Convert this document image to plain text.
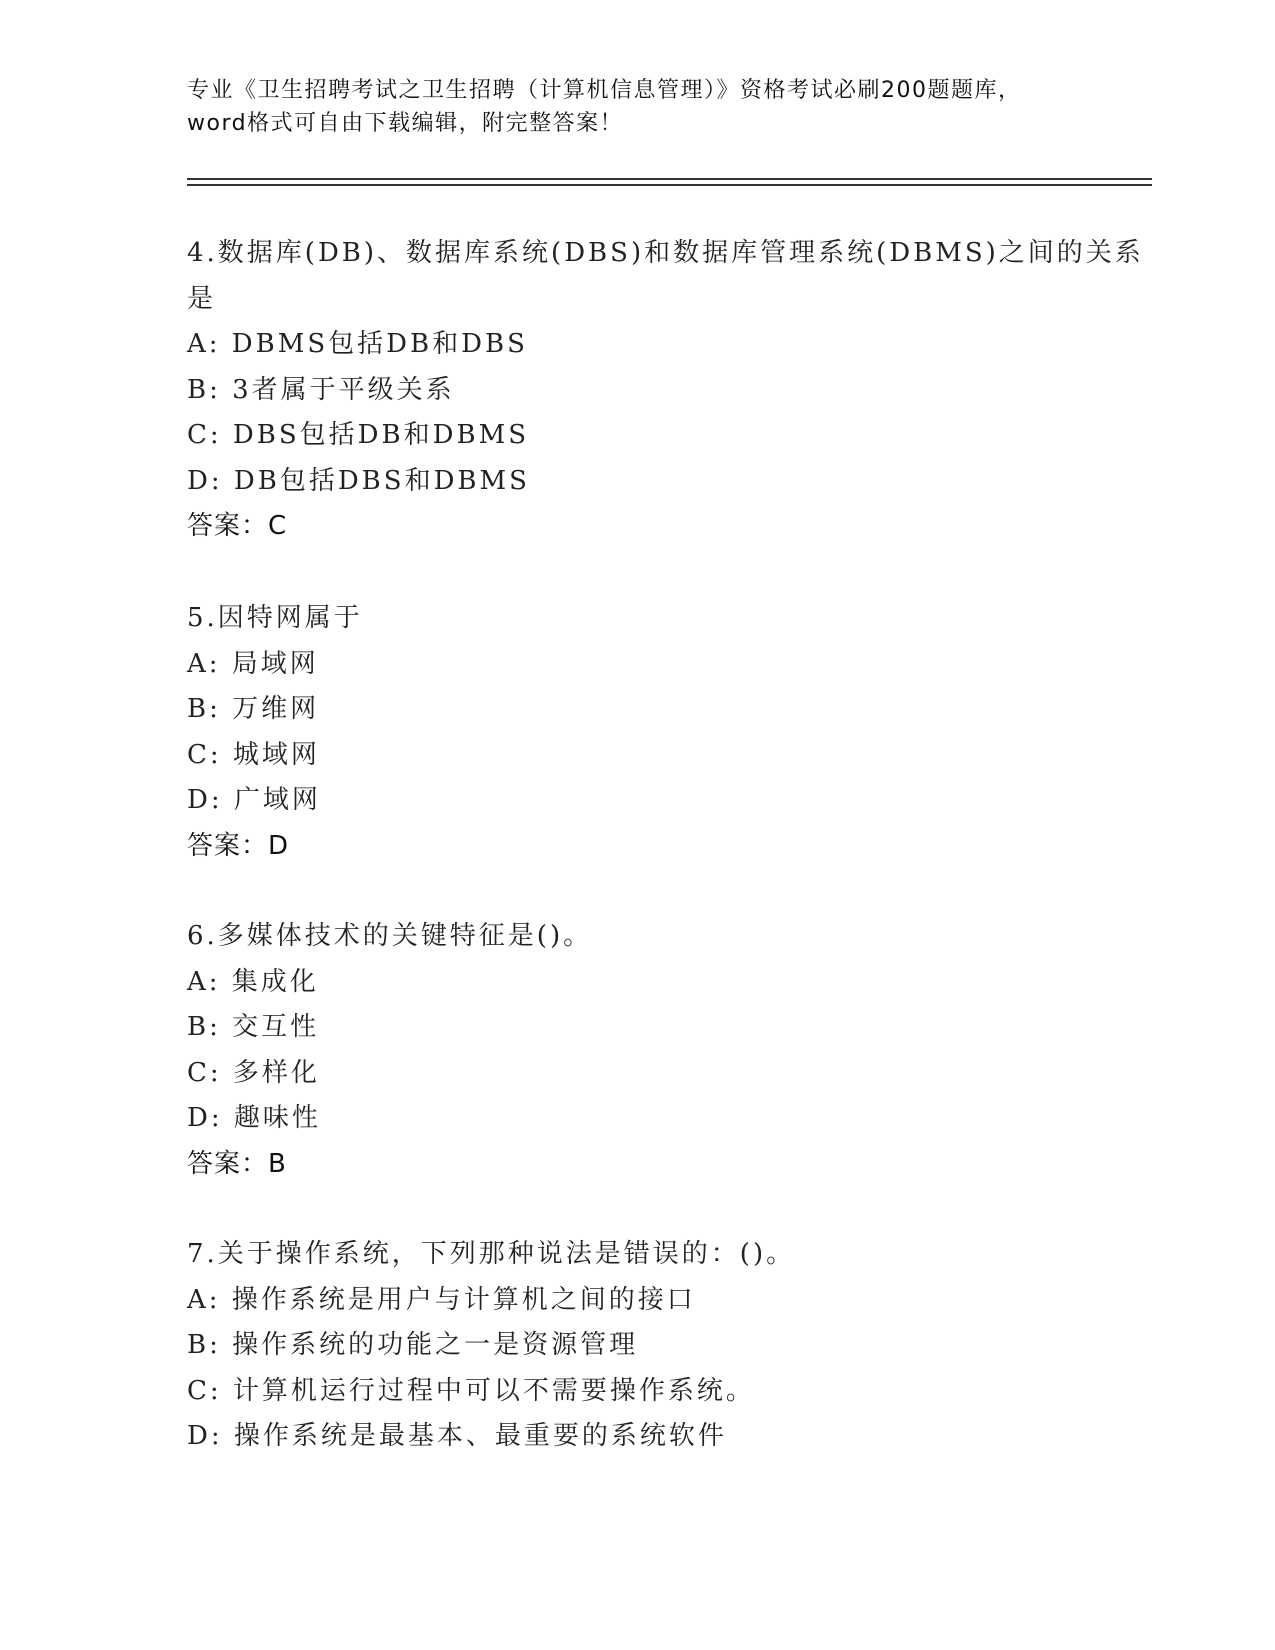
专业《卫生招聘考试之卫生招聘（计算机信息管理）》资格考试必刷200题题库，
word格式可自由下载编辑，附完整答案！
4.数据库(DB)、数据库系统(DBS)和数据库管理系统(DBMS)之间的关系
是
A: DBMS包括DB和DBS
B: 3者属于平级关系
C: DBS包括DB和DBMS
D: DB包括DBS和DBMS
答案：C
5.因特网属于
A: 局域网
B: 万维网
C: 城域网
D: 广域网
答案：D
6.多媒体技术的关键特征是()。
A: 集成化
B: 交互性
C: 多样化
D: 趣味性
答案：B
7.关于操作系统，下列那种说法是错误的：()。
A: 操作系统是用户与计算机之间的接口
B: 操作系统的功能之一是资源管理
C: 计算机运行过程中可以不需要操作系统。
D: 操作系统是最基本、最重要的系统软件
